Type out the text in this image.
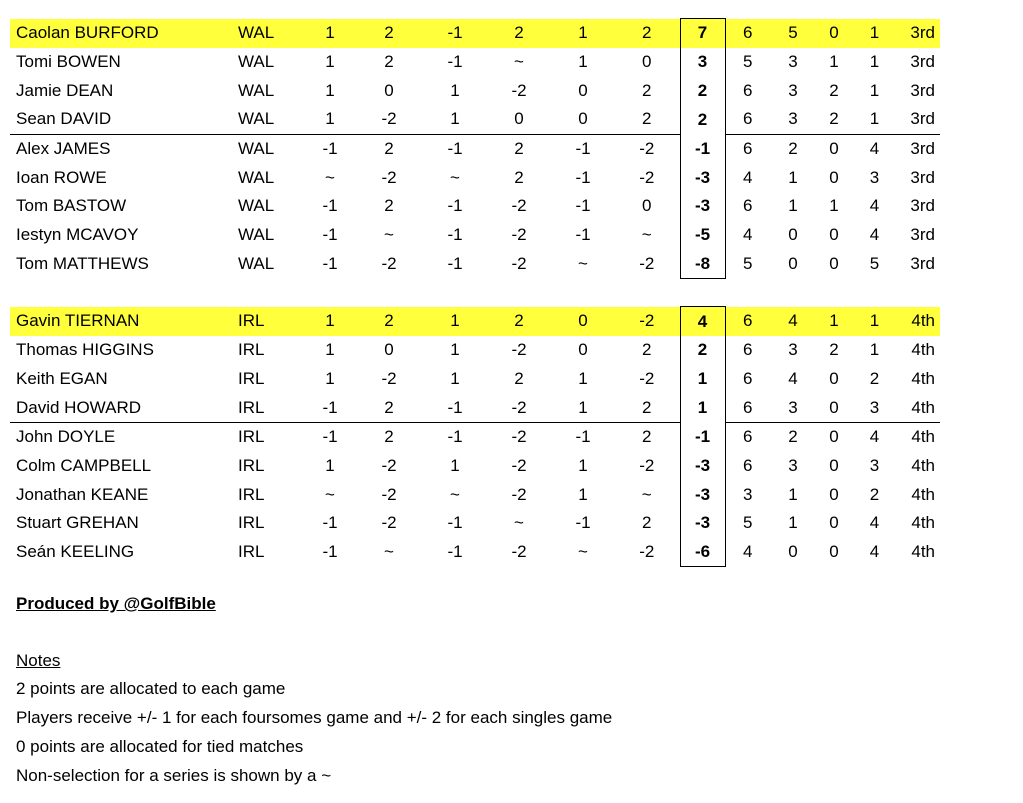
Caolan BURFORD	WAL	1	2	-1	2	1	2	7	6	5	0	1	3rd	
Tomi BOWEN	WAL	1	2	-1	~	1	0	3	5	3	1	1	3rd	
Jamie DEAN	WAL	1	0	1	-2	0	2	2	6	3	2	1	3rd	
Sean DAVID	WAL	1	-2	1	0	0	2	2	6	3	2	1	3rd	
Alex JAMES	WAL	-1	2	-1	2	-1	-2	-1	6	2	0	4	3rd	
Ioan ROWE	WAL	~	-2	~	2	-1	-2	-3	4	1	0	3	3rd	
Tom BASTOW	WAL	-1	2	-1	-2	-1	0	-3	6	1	1	4	3rd	
Iestyn MCAVOY	WAL	-1	~	-1	-2	-1	~	-5	4	0	0	4	3rd	
Tom MATTHEWS	WAL	-1	-2	-1	-2	~	-2	-8	5	0	0	5	3rd	

Gavin TIERNAN	IRL	1	2	1	2	0	-2	4	6	4	1	1	4th	
Thomas HIGGINS	IRL	1	0	1	-2	0	2	2	6	3	2	1	4th	
Keith EGAN	IRL	1	-2	1	2	1	-2	1	6	4	0	2	4th	
David HOWARD	IRL	-1	2	-1	-2	1	2	1	6	3	0	3	4th	
John DOYLE	IRL	-1	2	-1	-2	-1	2	-1	6	2	0	4	4th	
Colm CAMPBELL	IRL	1	-2	1	-2	1	-2	-3	6	3	0	3	4th	
Jonathan KEANE	IRL	~	-2	~	-2	1	~	-3	3	1	0	2	4th	
Stuart GREHAN	IRL	-1	-2	-1	~	-1	2	-3	5	1	0	4	4th	
Seán KEELING	IRL	-1	~	-1	-2	~	-2	-6	4	0	0	4	4th	
Produced by @GolfBible
Notes
2 points are allocated to each game
Players receive +/- 1 for each foursomes game and +/- 2 for each singles game
0 points are allocated for tied matches
Non-selection for a series is shown by a ~
